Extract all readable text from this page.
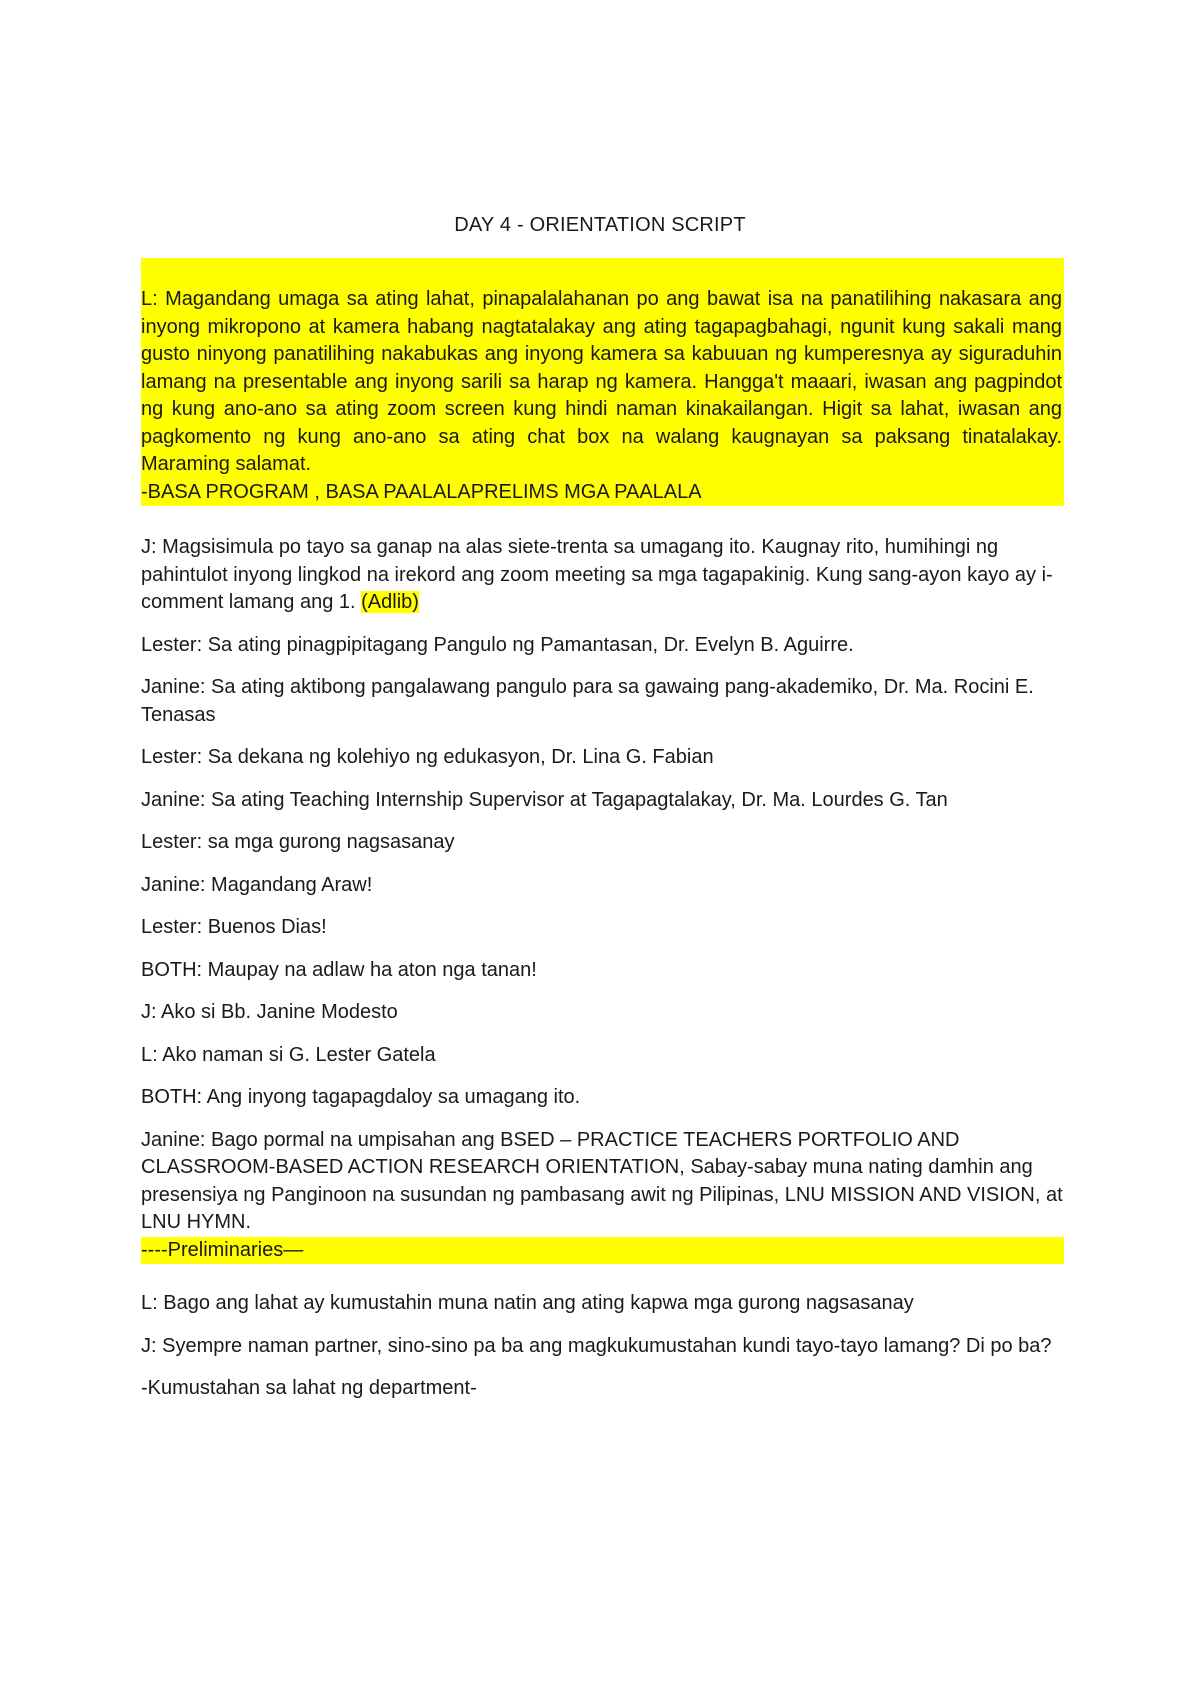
DAY 4 - ORIENTATION SCRIPT

L: Magandang umaga sa ating lahat, pinapalalahanan po ang bawat isa na panatilihing nakasara ang inyong mikropono at kamera habang nagtatalakay ang ating tagapagbahagi, ngunit kung sakali mang gusto ninyong panatilihing nakabukas ang inyong kamera sa kabuuan ng kumperesnya ay siguraduhin lamang na presentable ang inyong sarili sa harap ng kamera. Hangga't maaari, iwasan ang pagpindot ng kung ano-ano sa ating zoom screen kung hindi naman kinakailangan. Higit sa lahat, iwasan ang pagkomento ng kung ano-ano sa ating chat box na walang kaugnayan sa paksang tinatalakay. Maraming salamat.

-BASA PROGRAM , BASA PAALALAPRELIMS MGA PAALALA

J: Magsisimula po tayo sa ganap na alas siete-trenta sa umagang ito. Kaugnay rito, humihingi ng pahintulot inyong lingkod na irekord ang zoom meeting sa mga tagapakinig. Kung sang-ayon kayo ay i-comment lamang ang 1. (Adlib)

Lester: Sa ating pinagpipitagang Pangulo ng Pamantasan, Dr. Evelyn B. Aguirre.

Janine: Sa ating aktibong pangalawang pangulo para sa gawaing pang-akademiko, Dr. Ma. Rocini E. Tenasas

Lester: Sa dekana ng kolehiyo ng edukasyon, Dr. Lina G. Fabian

Janine: Sa ating Teaching Internship Supervisor at Tagapagtalakay, Dr. Ma. Lourdes G. Tan

Lester: sa mga gurong nagsasanay

Janine: Magandang Araw!

Lester: Buenos Dias!

BOTH: Maupay na adlaw ha aton nga tanan!

J: Ako si Bb. Janine Modesto

L: Ako naman si G. Lester Gatela

BOTH: Ang inyong tagapagdaloy sa umagang ito.

Janine: Bago pormal na umpisahan ang BSED – PRACTICE TEACHERS PORTFOLIO AND CLASSROOM-BASED ACTION RESEARCH ORIENTATION, Sabay-sabay muna nating damhin ang presensiya ng Panginoon na susundan ng pambasang awit ng Pilipinas, LNU MISSION AND VISION, at LNU HYMN.

----Preliminaries—

L: Bago ang lahat ay kumustahin muna natin ang ating kapwa mga gurong nagsasanay

J: Syempre naman partner, sino-sino pa ba ang magkukumustahan kundi tayo-tayo lamang? Di po ba?

-Kumustahan sa lahat ng department-
